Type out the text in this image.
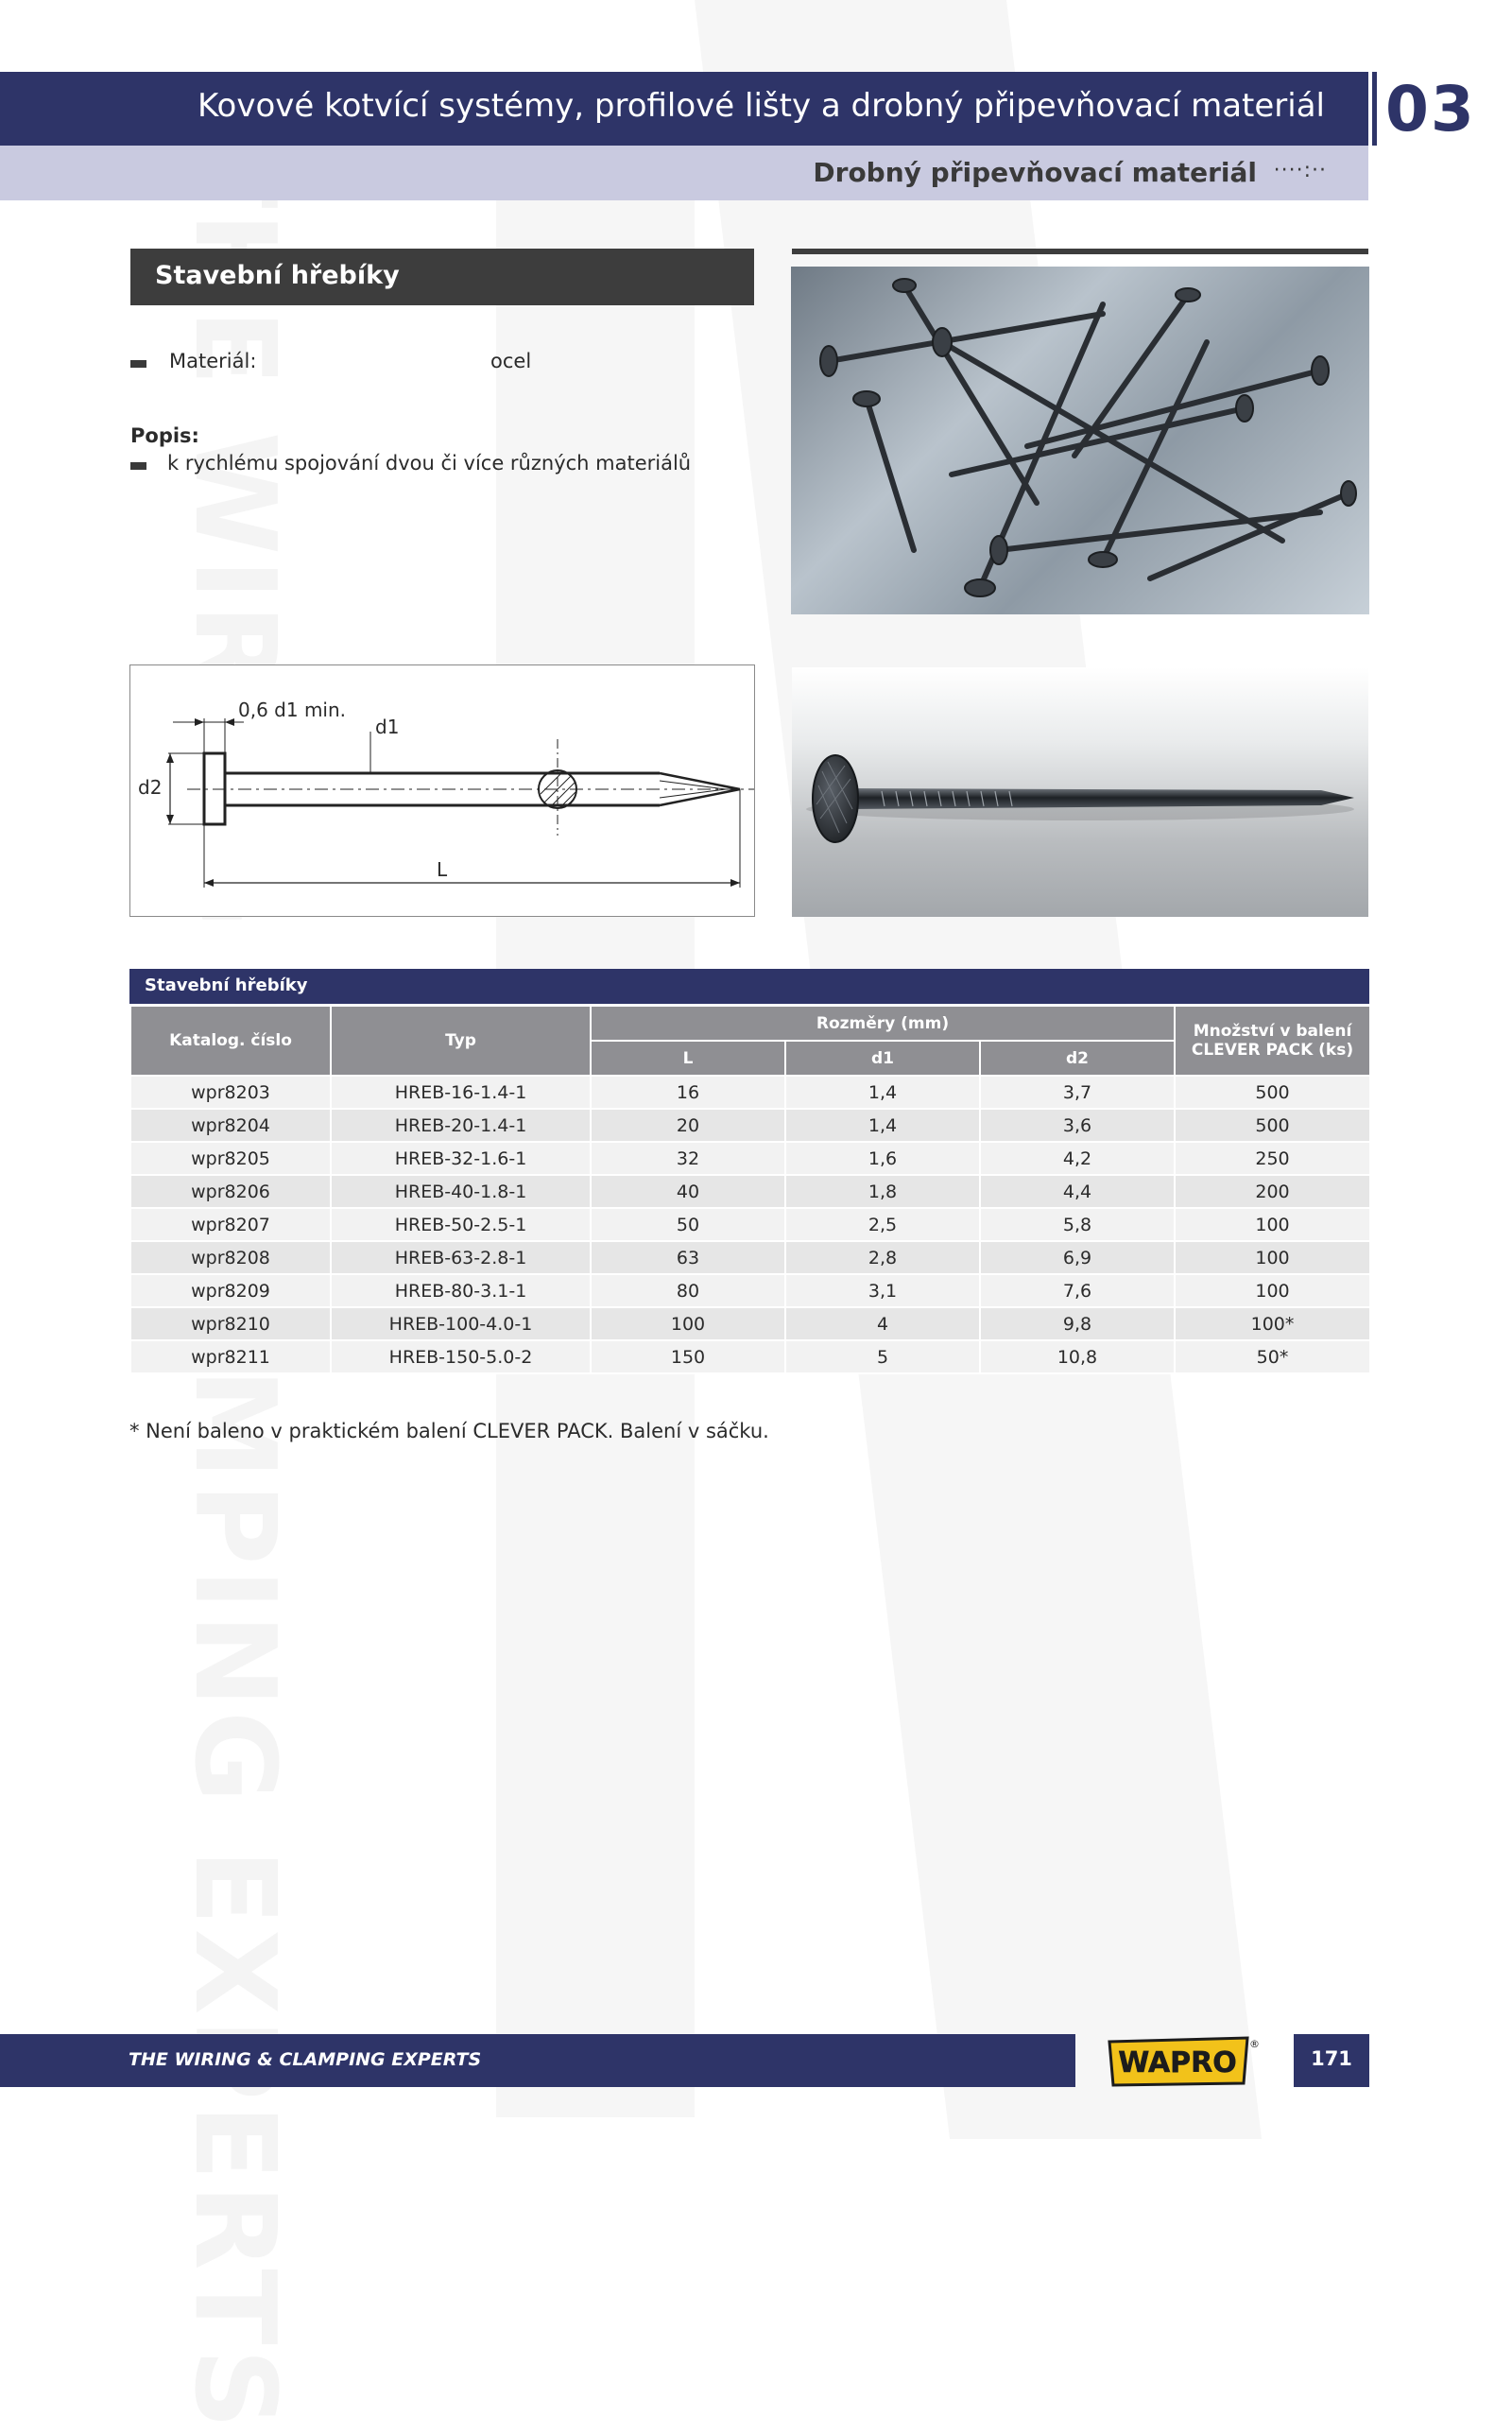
Kovové kotvící systémy, profilové lišty a drobný připevňovací materiál
Drobný připevňovací materiál ····:··
03
Stavební hřebíky
Materiál:	ocel
Popis:
k rychlému spojování dvou či více různých materiálů
0,6 d1 min.
d1
d2
L
Stavební hřebíky
Katalog. číslo	Typ	Rozměry (mm)			Množství v balení
CLEVER PACK (ks)

		L	d1	d2	
wpr8203	HREB-16-1.4-1	16	1,4	3,7	500
wpr8204	HREB-20-1.4-1	20	1,4	3,6	500
wpr8205	HREB-32-1.6-1	32	1,6	4,2	250
wpr8206	HREB-40-1.8-1	40	1,8	4,4	200
wpr8207	HREB-50-2.5-1	50	2,5	5,8	100
wpr8208	HREB-63-2.8-1	63	2,8	6,9	100
wpr8209	HREB-80-3.1-1	80	3,1	7,6	100
wpr8210	HREB-100-4.0-1	100	4	9,8	100*
wpr8211	HREB-150-5.0-2	150	5	10,8	50*
* Není baleno v praktickém balení CLEVER PACK. Balení v sáčku.
THE WIRING & CLAMPING EXPERTS	WAPRO
®
171
